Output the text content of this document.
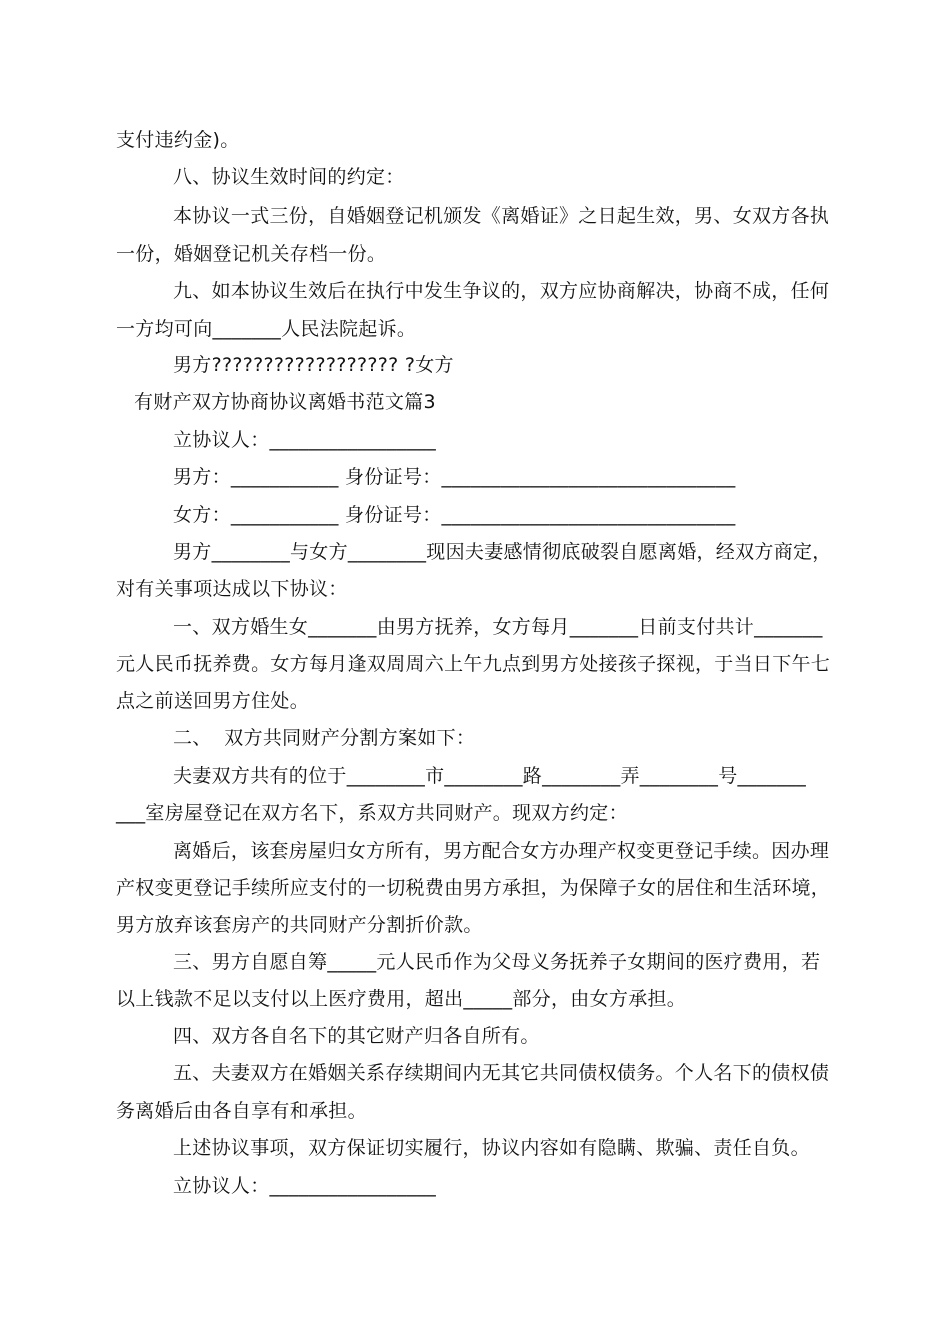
支付违约金)。
八、协议生效时间的约定：
本协议一式三份，自婚姻登记机颁发《离婚证》之日起生效，男、女双方各执
一份，婚姻登记机关存档一份。
九、如本协议生效后在执行中发生争议的，双方应协商解决，协商不成，任何
一方均可向_______人民法院起诉。
男方?????????????????? ?女方
有财产双方协商协议离婚书范文篇3
立协议人：_________________
男方：___________ 身份证号：______________________________
女方：___________ 身份证号：______________________________
男方________与女方________现因夫妻感情彻底破裂自愿离婚，经双方商定，
对有关事项达成以下协议：
一、双方婚生女_______由男方抚养，女方每月_______日前支付共计_______
元人民币抚养费。女方每月逢双周周六上午九点到男方处接孩子探视，于当日下午七
点之前送回男方住处。
二、  双方共同财产分割方案如下：
夫妻双方共有的位于________市________路________弄________号_______
___室房屋登记在双方名下，系双方共同财产。现双方约定：
离婚后，该套房屋归女方所有，男方配合女方办理产权变更登记手续。因办理
产权变更登记手续所应支付的一切税费由男方承担，为保障子女的居住和生活环境，
男方放弃该套房产的共同财产分割折价款。
三、男方自愿自筹_____元人民币作为父母义务抚养子女期间的医疗费用，若
以上钱款不足以支付以上医疗费用，超出_____部分，由女方承担。
四、双方各自名下的其它财产归各自所有。
五、夫妻双方在婚姻关系存续期间内无其它共同债权债务。个人名下的债权债
务离婚后由各自享有和承担。
上述协议事项，双方保证切实履行，协议内容如有隐瞒、欺骗、责任自负。
立协议人：_________________
